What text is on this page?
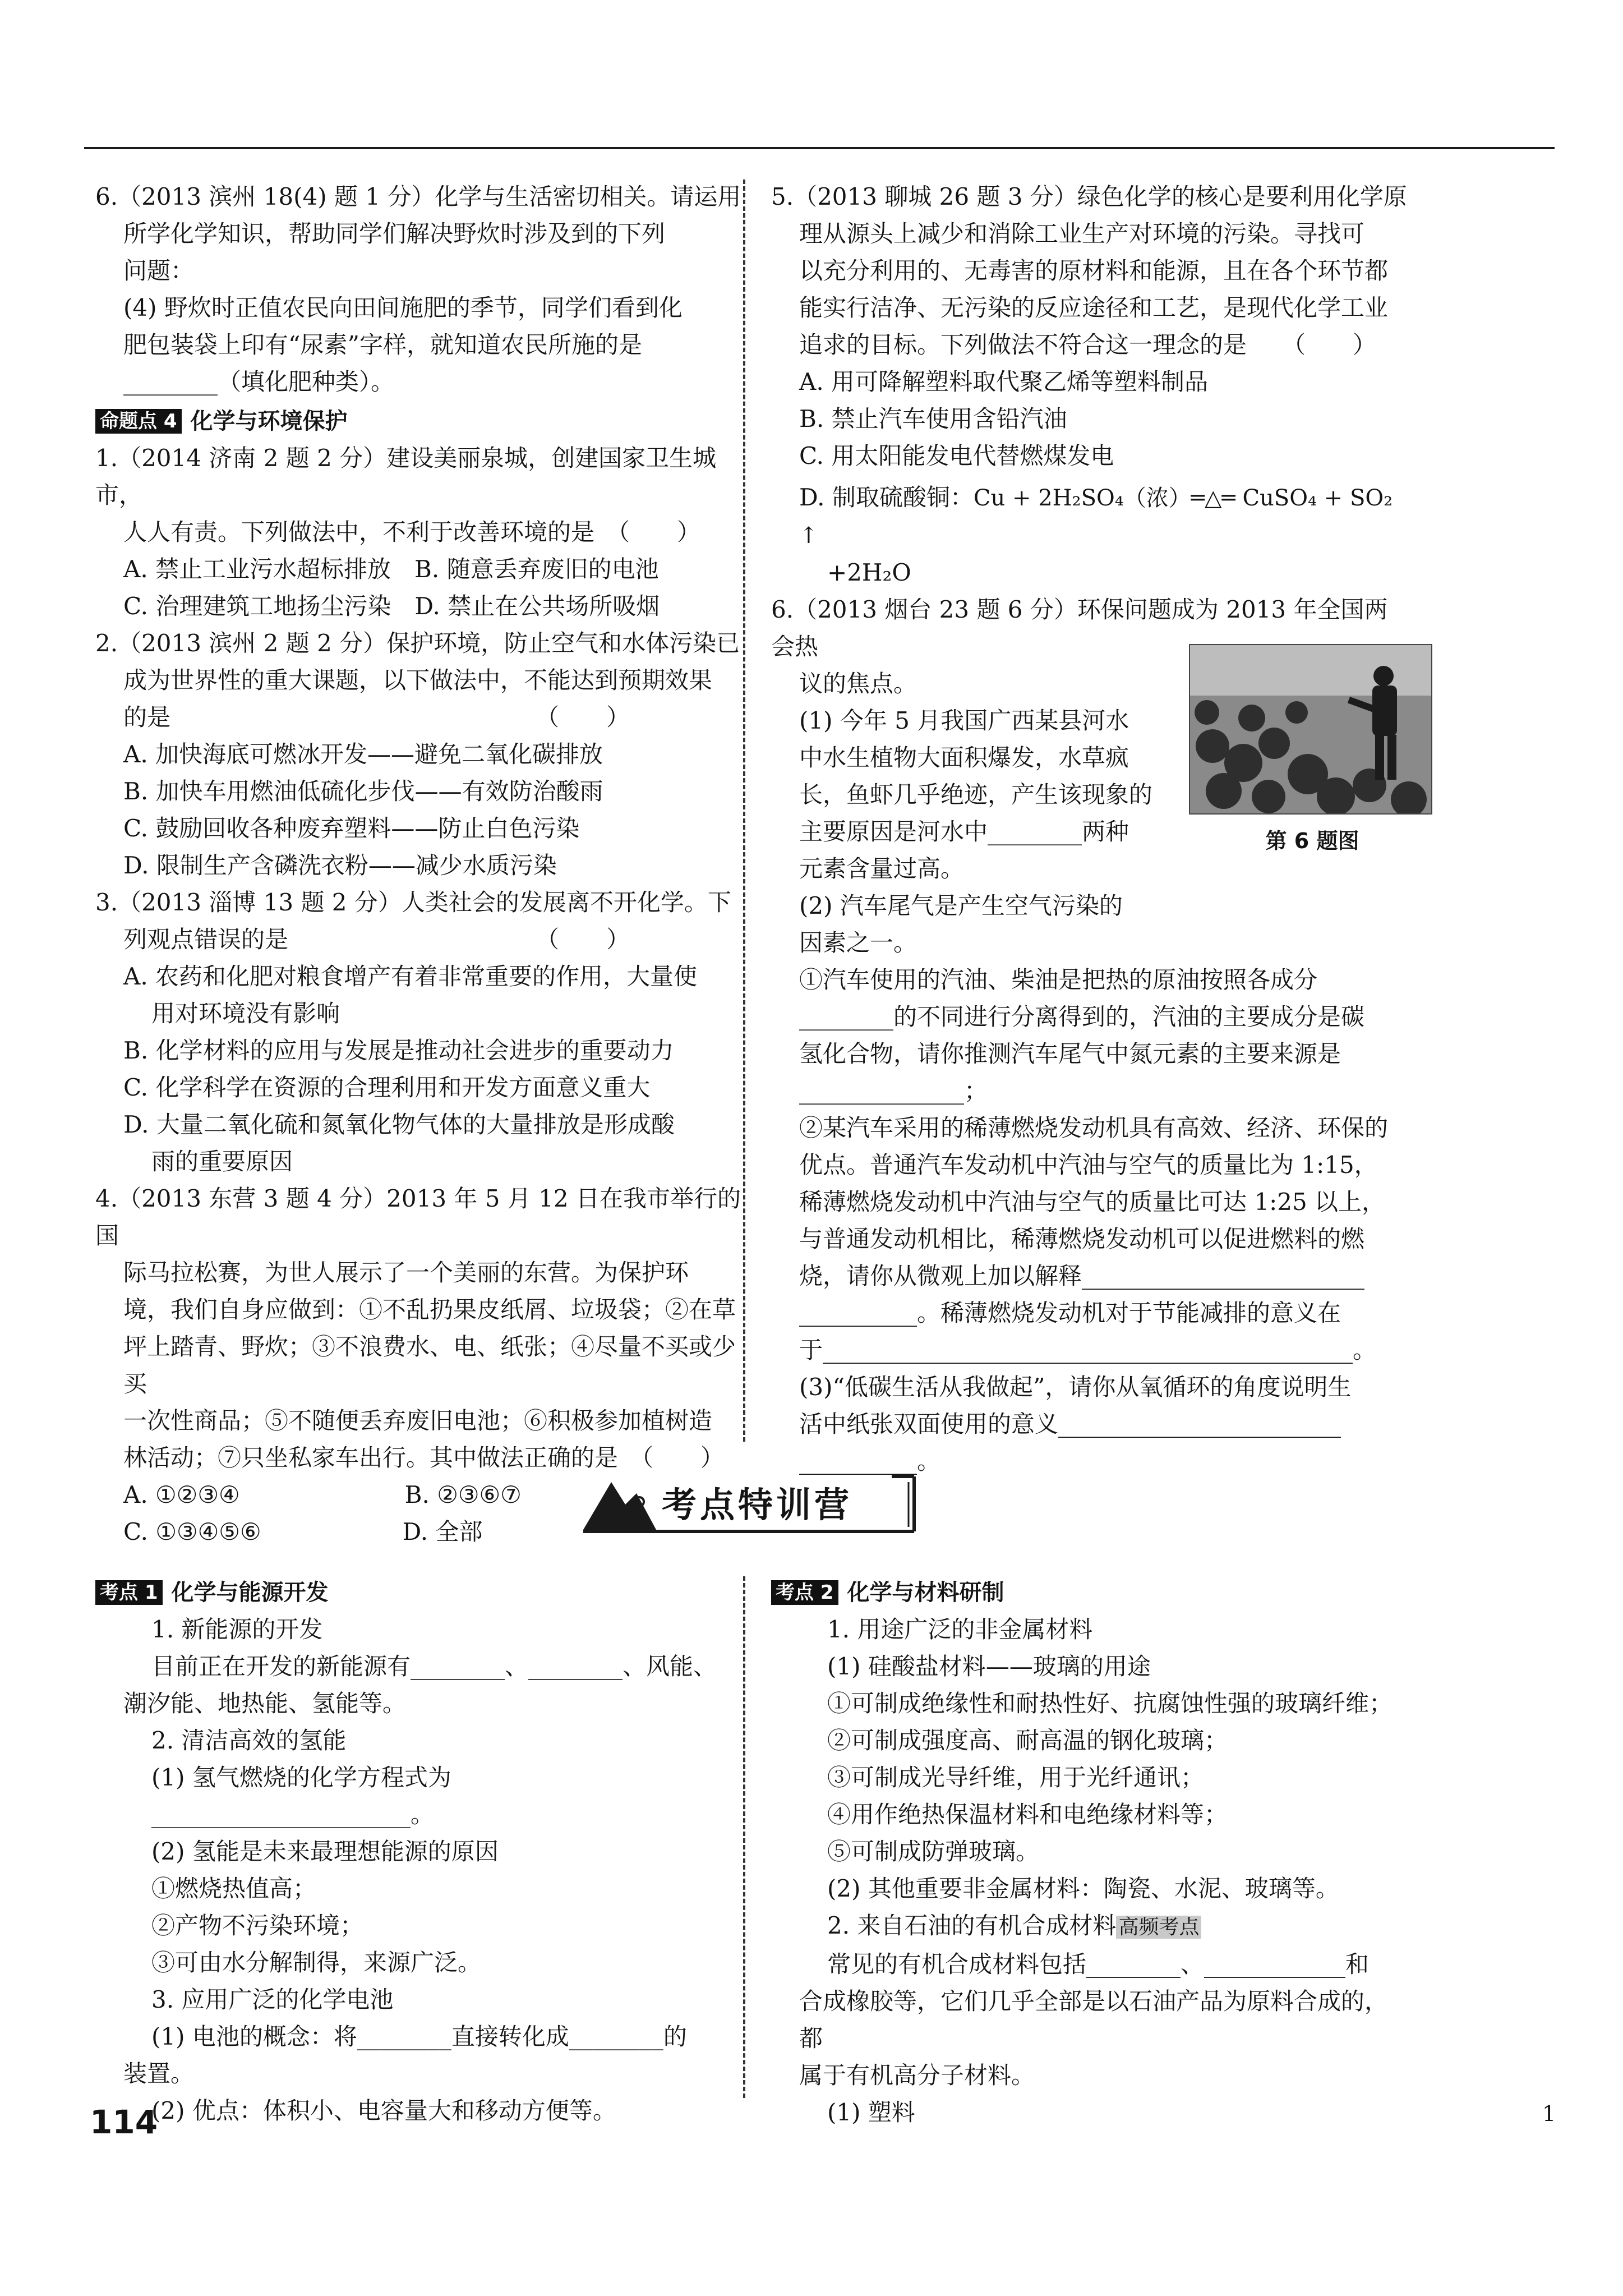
6.（2013 滨州 18(4) 题 1 分）化学与生活密切相关。请运用

所学化学知识，帮助同学们解决野炊时涉及到的下列

问题：

(4) 野炊时正值农民向田间施肥的季节，同学们看到化

肥包装袋上印有“尿素”字样，就知道农民所施的是

________（填化肥种类）。

命题点 4 化学与环境保护

1.（2014 济南 2 题 2 分）建设美丽泉城，创建国家卫生城市，

人人有责。下列做法中，不利于改善环境的是　（　　）

A. 禁止工业污水超标排放　B. 随意丢弃废旧的电池

C. 治理建筑工地扬尘污染　D. 禁止在公共场所吸烟

2.（2013 滨州 2 题 2 分）保护环境，防止空气和水体污染已

成为世界性的重大课题，以下做法中，不能达到预期效果

的是　　　　　　　　　　　　　　　　（　　）

A. 加快海底可燃冰开发——避免二氧化碳排放

B. 加快车用燃油低硫化步伐——有效防治酸雨

C. 鼓励回收各种废弃塑料——防止白色污染

D. 限制生产含磷洗衣粉——减少水质污染

3.（2013 淄博 13 题 2 分）人类社会的发展离不开化学。下

列观点错误的是　　　　　　　　　　　（　　）

A. 农药和化肥对粮食增产有着非常重要的作用，大量使

用对环境没有影响

B. 化学材料的应用与发展是推动社会进步的重要动力

C. 化学科学在资源的合理利用和开发方面意义重大

D. 大量二氧化硫和氮氧化物气体的大量排放是形成酸

雨的重要原因

4.（2013 东营 3 题 4 分）2013 年 5 月 12 日在我市举行的国

际马拉松赛，为世人展示了一个美丽的东营。为保护环

境，我们自身应做到：①不乱扔果皮纸屑、垃圾袋；②在草

坪上踏青、野炊；③不浪费水、电、纸张；④尽量不买或少买

一次性商品；⑤不随便丢弃废旧电池；⑥积极参加植树造

林活动；⑦只坐私家车出行。其中做法正确的是　（　　）

A. ①②③④　　　　　　　B. ②③⑥⑦

C. ①③④⑤⑥　　　　　　D. 全部

5.（2013 聊城 26 题 3 分）绿色化学的核心是要利用化学原

理从源头上减少和消除工业生产对环境的污染。寻找可

以充分利用的、无毒害的原材料和能源，且在各个环节都

能实行洁净、无污染的反应途径和工艺，是现代化学工业

追求的目标。下列做法不符合这一理念的是　　（　　）

A. 用可降解塑料取代聚乙烯等塑料制品

B. 禁止汽车使用含铅汽油

C. 用太阳能发电代替燃煤发电

D. 制取硫酸铜：Cu + 2H₂SO₄（浓）═△═ CuSO₄ + SO₂ ↑

+2H₂O

6.（2013 烟台 23 题 6 分）环保问题成为 2013 年全国两会热

议的焦点。

(1) 今年 5 月我国广西某县河水

中水生植物大面积爆发，水草疯

长，鱼虾几乎绝迹，产生该现象的

主要原因是河水中________两种

元素含量过高。

(2) 汽车尾气是产生空气污染的

因素之一。

①汽车使用的汽油、柴油是把热的原油按照各成分

________的不同进行分离得到的，汽油的主要成分是碳

氢化合物，请你推测汽车尾气中氮元素的主要来源是

______________；

②某汽车采用的稀薄燃烧发动机具有高效、经济、环保的

优点。普通汽车发动机中汽油与空气的质量比为 1:15，

稀薄燃烧发动机中汽油与空气的质量比可达 1:25 以上，

与普通发动机相比，稀薄燃烧发动机可以促进燃料的燃

烧，请你从微观上加以解释________________________

__________。稀薄燃烧发动机对于节能减排的意义在

于_____________________________________________。

(3)“低碳生活从我做起”，请你从氧循环的角度说明生

活中纸张双面使用的意义________________________

__________。

第 6 题图
考点特训营

考点 1 化学与能源开发

1. 新能源的开发

目前正在开发的新能源有________、________、风能、

潮汐能、地热能、氢能等。

2. 清洁高效的氢能

(1) 氢气燃烧的化学方程式为______________________。

(2) 氢能是未来最理想能源的原因

①燃烧热值高；

②产物不污染环境；

③可由水分解制得，来源广泛。

3. 应用广泛的化学电池

(1) 电池的概念：将________直接转化成________的

装置。

(2) 优点：体积小、电容量大和移动方便等。

考点 2 化学与材料研制

1. 用途广泛的非金属材料

(1) 硅酸盐材料——玻璃的用途

①可制成绝缘性和耐热性好、抗腐蚀性强的玻璃纤维；

②可制成强度高、耐高温的钢化玻璃；

③可制成光导纤维，用于光纤通讯；

④用作绝热保温材料和电绝缘材料等；

⑤可制成防弹玻璃。

(2) 其他重要非金属材料：陶瓷、水泥、玻璃等。

2. 来自石油的有机合成材料 高频考点

常见的有机合成材料包括________、____________和

合成橡胶等，它们几乎全部是以石油产品为原料合成的，都

属于有机高分子材料。

(1) 塑料

114	1
